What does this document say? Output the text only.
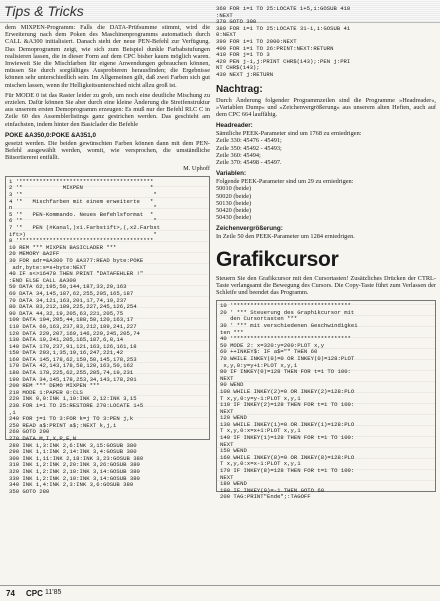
Tips & Tricks

dem MIXPEN-Programm: Falls die DATA-Prüfsumme stimmt, wird die Erweiterung nach dem Poken des Maschinenprogramms automatisch durch CALL &A300 initialisiert. Danach steht der neue PEN-Befehl zur Verfügung. Das Demoprogramm zeigt, wie sich zum Beispiel dunkle Farbabstufungen realisieren lassen, die in dieser Form auf dem CPC bisher kaum möglich waren. Inwieweit Sie die Mischfarben für eigene Anwendungen gebrauchen können, müssen Sie durch sorgfältiges Ausprobieren herausfinden; die Ergebnisse können sehr unterschiedlich sein. Im Allgemeinen gilt, daß zwei Farben sich gut mischen lassen, wenn ihr Helligkeitsunterschied nicht allzu groß ist.

Für MODE 0 ist das Raster leider zu grob, um noch eine deutliche Mischung zu erzielen. Dafür können Sie aber durch eine kleine Änderung die Streifenstruktur aus unserem ersten Demoprogramm erzeugen: Es muß nur der Befehl RLC C in Zeile 60 des Assemblerlistings ganz gestrichen werden. Das geschieht am einfachsten, indem hinter den Basiclader die Befehle

POKE &A350,0:POKE &A351,0

gesetzt werden. Die beiden gewünschten Farben können dann mit dem PEN-Befehl ausgewählt werden, womit, wie versprochen, die umständliche Bitsortiererei entfällt.

M. Uphoff

1 '****************************************
2 '*            MIXPEN                    *
3 '*                                       *
4 '*   Mischfarben mit einem erweiterte   *
n                                          *
5 '*   PEN-Kommando. Neues Befehlsformat  *
6 '*                                       *
7 '*   PEN (#Kanal,)x1.Farbstift>,(,x2.Farbst
ift>)                                      *
8 '****************************************
10 REM *** MIXPEN BASICLADER ***
20 MEMORY &A2FF
30 FOR adr=&A300 TO &A377:READ byte:POKE
adr,byte:s=s+byte:NEXT
40 IF s<>16470 THEN PRINT "DATAFEHLER !"
:END ELSE CALL &A300
50 DATA 62,195,50,144,187,33,20,163
60 DATA 34,145,187,62,255,205,165,187
70 DATA 34,121,163,201,17,74,19,237
80 DATA 83,212,189,225,227,245,126,254
90 DATA 44,32,19,205,63,221,205,75
100 DATA 194,205,44,188,50,120,163,17
110 DATA 60,163,237,83,212,189,241,227
120 DATA 229,207,169,146,229,245,205,74
130 DATA 19,241,205,165,187,6,8,14
140 DATA 170,237,91,121,163,126,161,18
150 DATA 203,1,35,19,16,247,221,42
160 DATA 145,178,62,159,50,145,178,253
170 DATA 42,143,178,58,120,163,50,162
180 DATA 178,225,62,255,205,74,19,231
190 DATA 34,145,178,253,34,143,178,201
200 REM *** DEMO MIXPEN ***
210 MODE 1:PAPER 0:CLS
220 INK 0,0:INK 1,10:INK 2,12:INK 3,15
230 FOR i=1 TO 25:RESTORE 270:LOCATE 1+5
,i
240 FOR j=1 TO 3:FOR k=j TO 3:PEN j,k
250 READ a$:PRINT a$;:NEXT k,j,i
260 GOTO 290
270 DATA M,I,X,P,E,N
280 INK 1,3:INK 2,6:INK 3,15:GOSUB 380
290 INK 1,1:INK 2,14:INK 3,4:GOSUB 380
300 INK 1,11:INK 2,18:INK 3,23:GOSUB 380
310 INK 1,2:INK 2,20:INK 3,26:GOSUB 380
320 INK 1,2:INK 2,10:INK 3,14:GOSUB 380
330 INK 1,2:INK 2,10:INK 3,14:GOSUB 380
340 INK 1,4:INK 2,3:INK 3,6:GOSUB 380
350 GOTO 280
360 FOR i=1 TO 25:LOCATE 1+5,i:GOSUB 410
:NEXT
370 GOTO 390
380 FOR i=1 TO 25:LOCATE 31-i,i:GOSUB 41
0:NEXT
390 FOR i=1 TO 2000:NEXT
400 FOR i=1 TO 26:PRINT:NEXT:RETURN
410 FOR j=1 TO 3
420 PEN j-1,j:PRINT CHR$(143);:PEN j:PRI
NT CHR$(143);
430 NEXT j:RETURN
Nachtrag:

Durch Änderung folgender Programmzeilen sind die Programme »Headreader«, »Variablen Dump« und »Zeichenvergrößerung« aus unserem alten Heften, auch auf dem CPC 664 lauffähig.

Headreader:

Sämtliche PEEK-Parameter sind um 1768 zu erniedrigen:

Zeile 330: 45476 - 45491;
Zeile 350: 45492 - 45493;
Zeile 360: 45494;
Zeile 370: 45498 - 45497.
Variablen:

Folgende PEEK-Parameter sind um 29 zu erniedrigen:

50010 (beide)
50020 (beide)
50130 (beide)
50420 (beide)
50430 (beide)
Zeichenvergrößerung:

In Zeile 50 den PEEK-Parameter um 1284 erniedrigen.

Grafikcursor

Steuern Sie den Grafikcursor mit den Cursortasten! Zusätzliches Drücken der CTRL-Taste verlangsamt die Bewegung des Cursors. Die Copy-Taste führt zum Verlassen der Schleife und beendet das Programm.

10 '***********************************
20 ' *** Steuerung des Graphikcursor mit
den Cursortasten ***
30 ' *** mit verschiedenen Geschwindigkei
ten ***
40 '***********************************
50 MODE 2: x=320:y=200:PLOT x,y
60 ++INKEY$: IF a$="" THEN 60
70 WHILE INKEY(0)=0 OR INKEY(0)=128:PLOT
x,y,0:y=y+1:PLOT x,y,1
80 IF INKEY(0)=128 THEN FOR t=1 TO 100:
NEXT
90 WEND
100 WHILE INKEY(2)=0 OR INKEY(2)=128:PLO
T x,y,0:y=y-1:PLOT x,y,1
110 IF INKEY(2)=128 THEN FOR t=1 TO 100:
NEXT
120 WEND
130 WHILE INKEY(1)=0 OR INKEY(1)=128:PLO
T x,y,0:x=x+1:PLOT x,y,1
140 IF INKEY(1)=128 THEN FOR t=1 TO 100:
NEXT
150 WEND
160 WHILE INKEY(8)=0 OR INKEY(8)=128:PLO
T x,y,0:x=x-1:PLOT x,y,1
170 IF INKEY(8)=128 THEN FOR t=1 TO 100:
NEXT
180 WEND
190 IF INKEY(9)=-1 THEN GOTO 60
200 TAG:PRINT"Ende";:TAGOFF
74 CPC 11'85
